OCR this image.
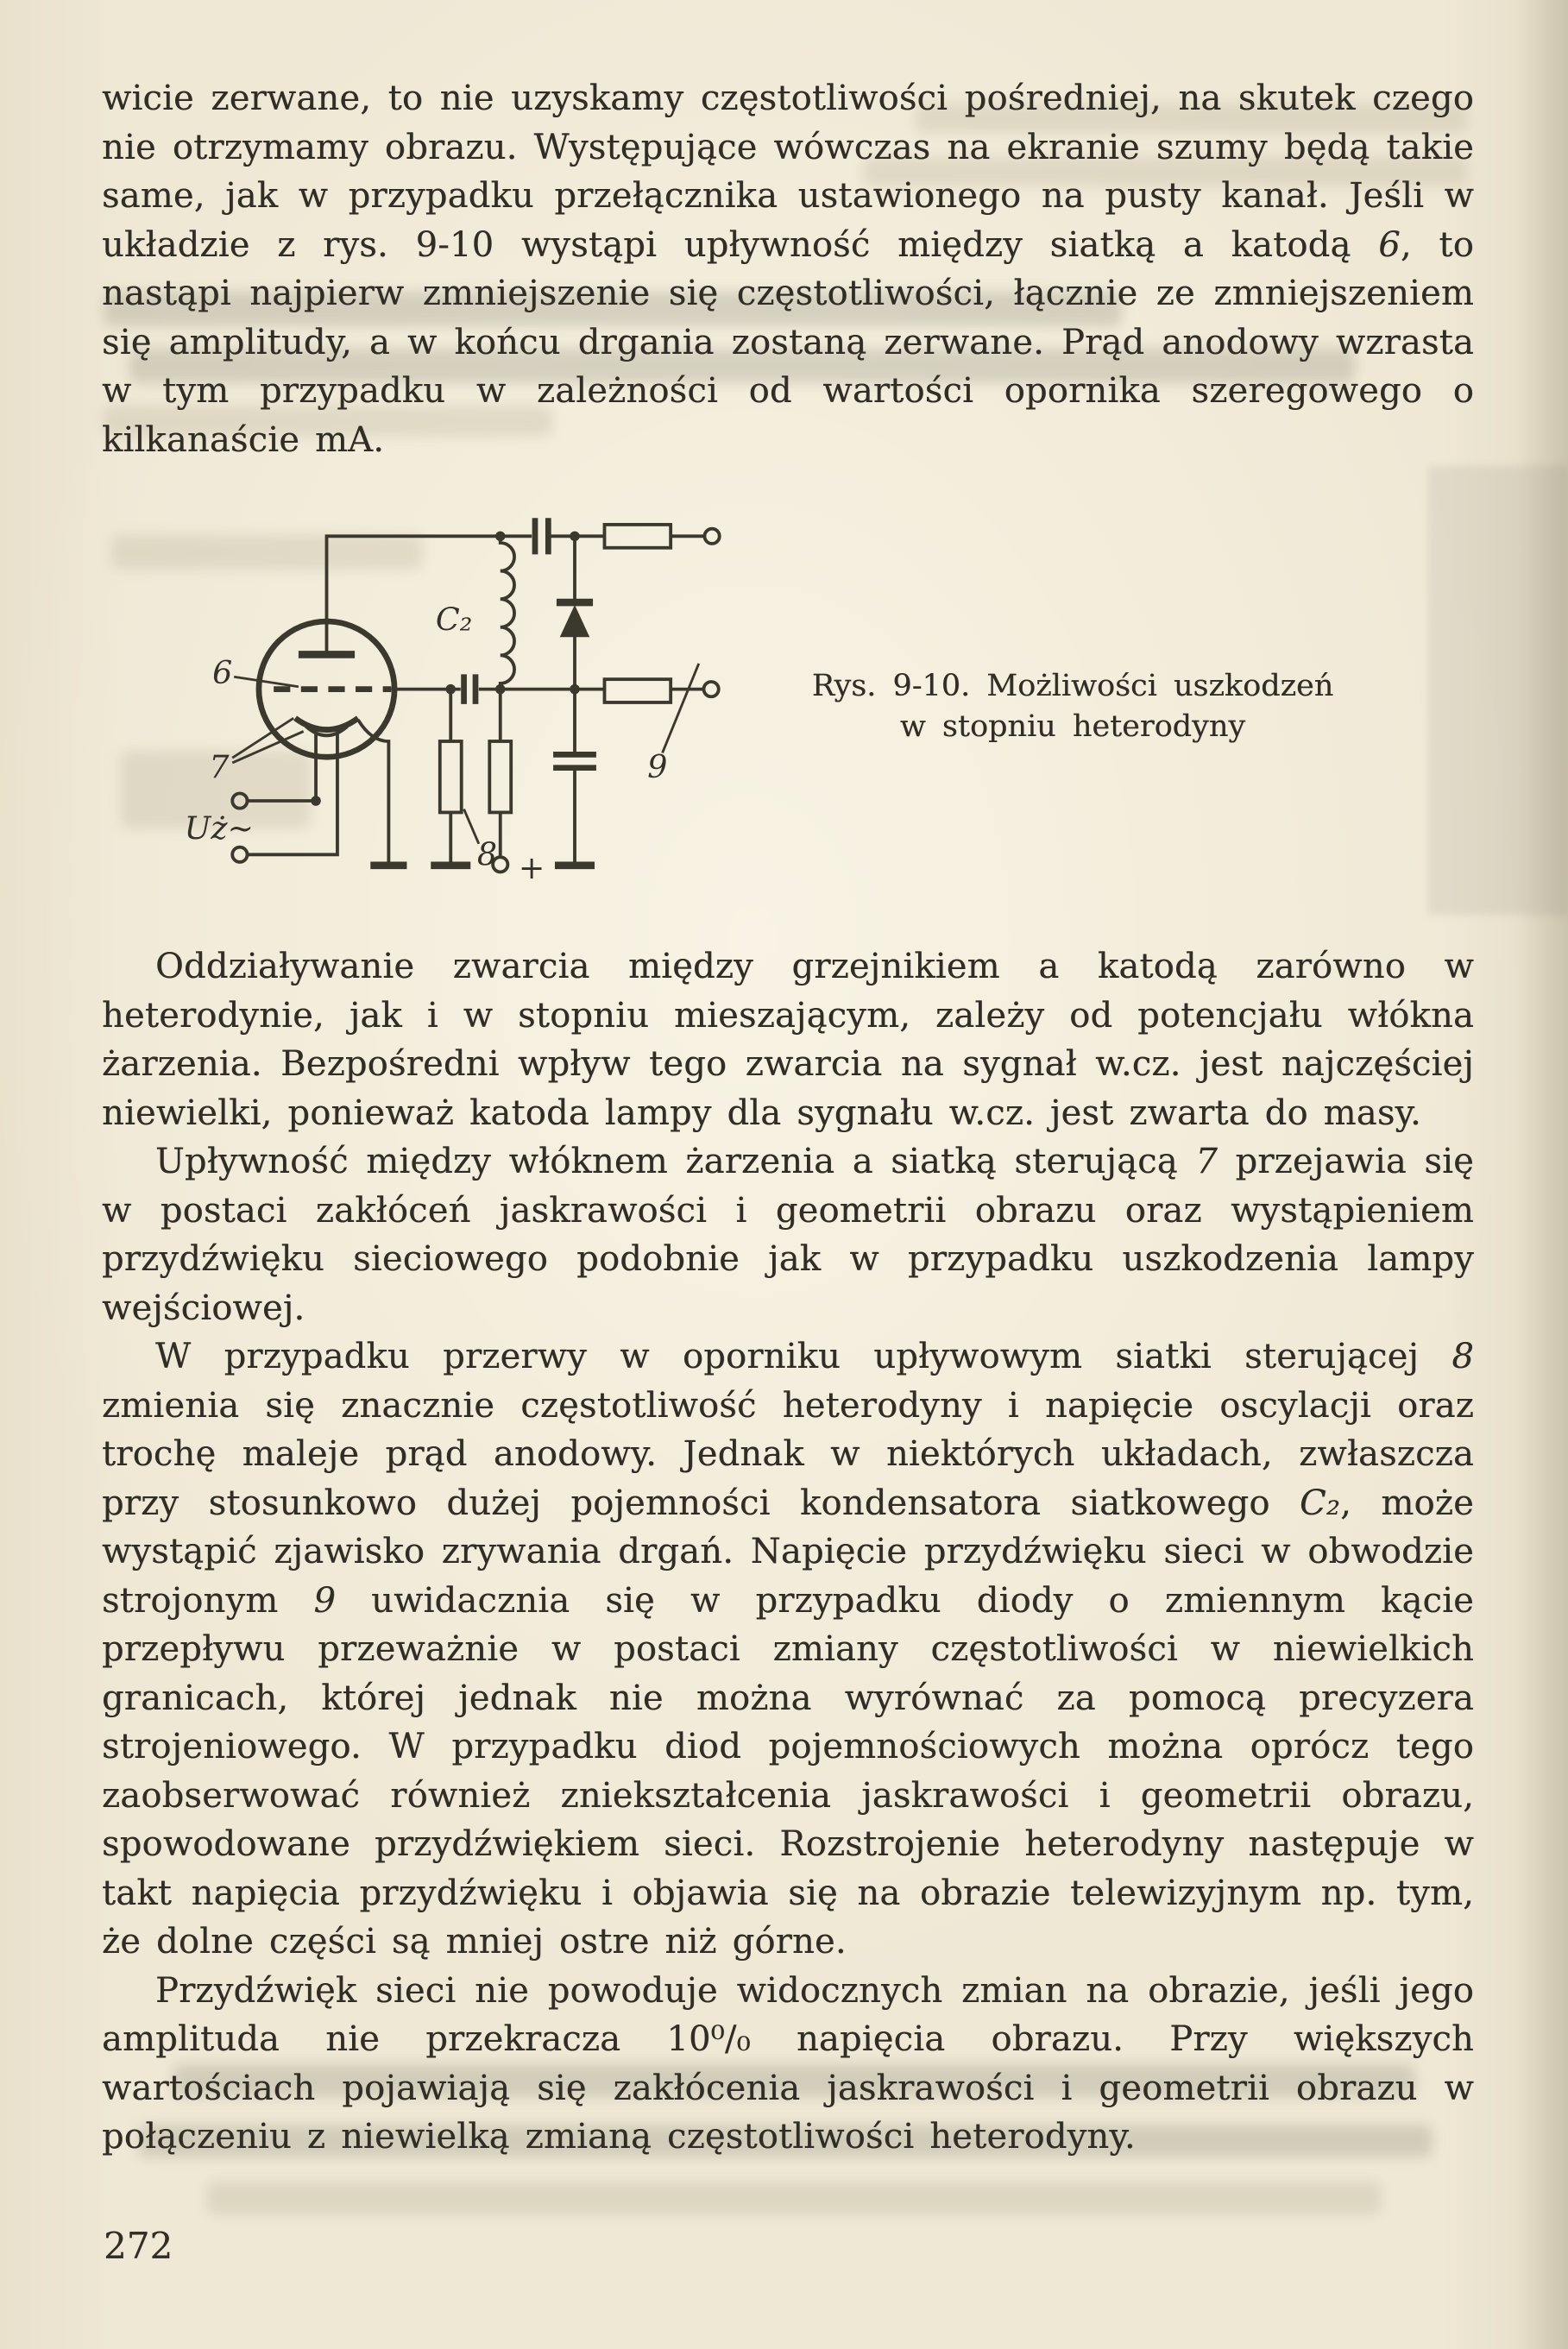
wicie zerwane, to nie uzyskamy częstotliwości pośredniej, na skutek czego nie otrzymamy obrazu. Występujące wówczas na ekranie szumy będą takie same, jak w przypadku przełącznika ustawionego na pusty kanał. Jeśli w układzie z rys. 9-10 wystąpi upływność między siatką a katodą 6, to nastąpi najpierw zmniejszenie się częstotliwości, łącznie ze zmniejszeniem się amplitudy, a w końcu drgania zostaną zerwane. Prąd anodowy wzrasta w tym przypadku w zależności od wartości opornika szeregowego o kilkanaście mA.

6
7
C₂
8
9
Uż~
+
Rys. 9-10. Możliwości uszkodzeń
w stopniu heterodyny

Oddziaływanie zwarcia między grzejnikiem a katodą zarówno w heterodynie, jak i w stopniu mieszającym, zależy od potencjału włókna żarzenia. Bezpośredni wpływ tego zwarcia na sygnał w.cz. jest najczęściej niewielki, ponieważ katoda lampy dla sygnału w.cz. jest zwarta do masy.

Upływność między włóknem żarzenia a siatką sterującą 7 przejawia się w postaci zakłóceń jaskrawości i geometrii obrazu oraz wystąpieniem przydźwięku sieciowego podobnie jak w przypadku uszkodzenia lampy wejściowej.

W przypadku przerwy w oporniku upływowym siatki sterującej 8 zmienia się znacznie częstotliwość heterodyny i napięcie oscylacji oraz trochę maleje prąd anodowy. Jednak w niektórych układach, zwłaszcza przy stosunkowo dużej pojemności kondensatora siatkowego C₂, może wystąpić zjawisko zrywania drgań. Napięcie przydźwięku sieci w obwodzie strojonym 9 uwidacznia się w przypadku diody o zmiennym kącie przepływu przeważnie w postaci zmiany częstotliwości w niewielkich granicach, której jednak nie można wyrównać za pomocą precyzera strojeniowego. W przypadku diod pojemnościowych można oprócz tego zaobserwować również zniekształcenia jaskrawości i geometrii obrazu, spowodowane przydźwiękiem sieci. Rozstrojenie heterodyny następuje w takt napięcia przydźwięku i objawia się na obrazie telewizyjnym np. tym, że dolne części są mniej ostre niż górne.

Przydźwięk sieci nie powoduje widocznych zmian na obrazie, jeśli jego amplituda nie przekracza 10⁰/₀ napięcia obrazu. Przy większych wartościach pojawiają się zakłócenia jaskrawości i geometrii obrazu w połączeniu z niewielką zmianą częstotliwości heterodyny.

272
